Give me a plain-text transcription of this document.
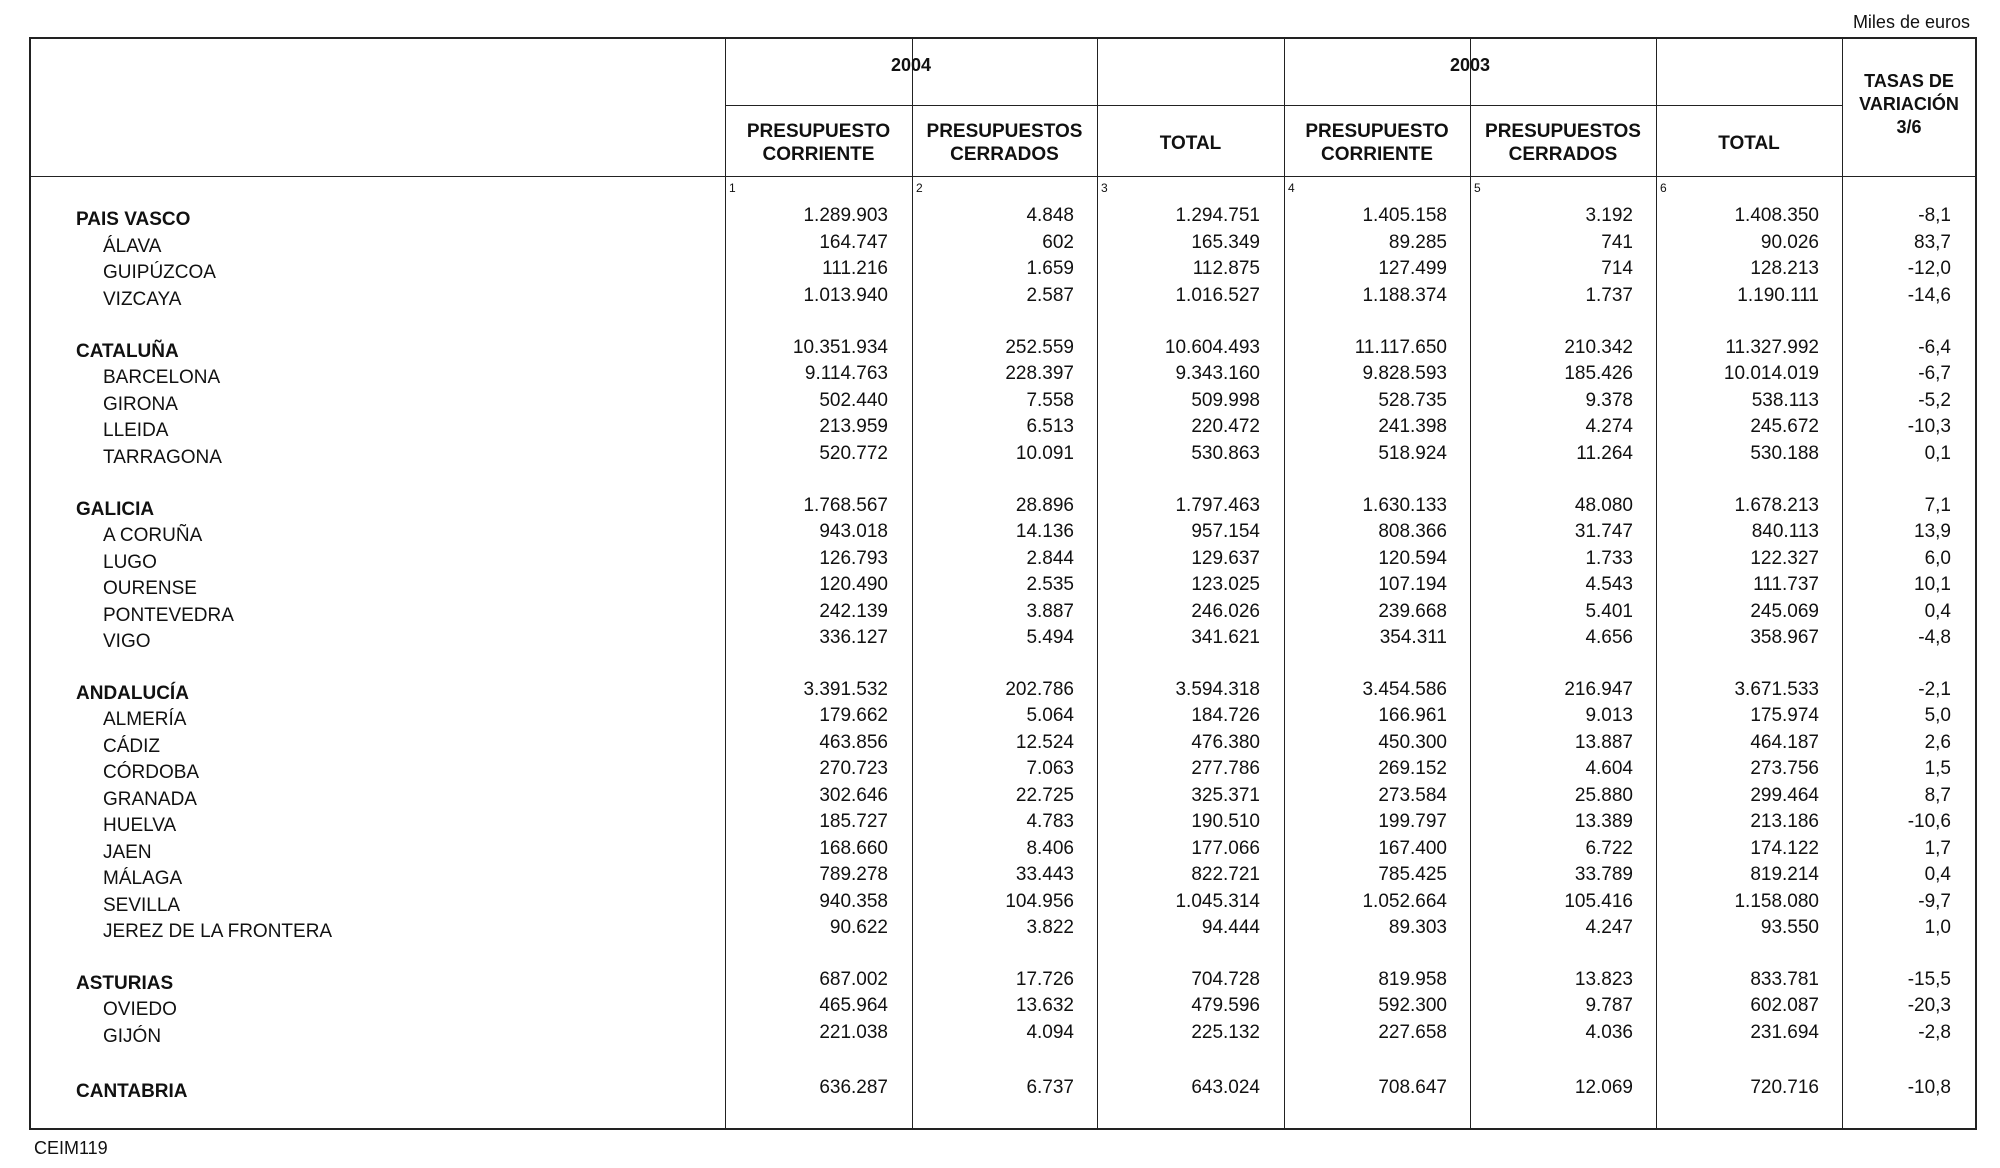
Miles de euros
2004	2003
PRESUPUESTO
CORRIENTE
PRESUPUESTOS
CERRADOS
TOTAL
PRESUPUESTO
CORRIENTE
PRESUPUESTOS
CERRADOS
TOTAL
TASAS DE
VARIACIÓN
3/6
1	2	3	4	5	6
PAIS VASCO	1.289.903	4.848	1.294.751	1.405.158	3.192	1.408.350	-8,1
ÁLAVA	164.747	602	165.349	89.285	741	90.026	83,7
GUIPÚZCOA	111.216	1.659	112.875	127.499	714	128.213	-12,0
VIZCAYA	1.013.940	2.587	1.016.527	1.188.374	1.737	1.190.111	-14,6
CATALUÑA	10.351.934	252.559	10.604.493	11.117.650	210.342	11.327.992	-6,4
BARCELONA	9.114.763	228.397	9.343.160	9.828.593	185.426	10.014.019	-6,7
GIRONA	502.440	7.558	509.998	528.735	9.378	538.113	-5,2
LLEIDA	213.959	6.513	220.472	241.398	4.274	245.672	-10,3
TARRAGONA	520.772	10.091	530.863	518.924	11.264	530.188	0,1
GALICIA	1.768.567	28.896	1.797.463	1.630.133	48.080	1.678.213	7,1
A CORUÑA	943.018	14.136	957.154	808.366	31.747	840.113	13,9
LUGO	126.793	2.844	129.637	120.594	1.733	122.327	6,0
OURENSE	120.490	2.535	123.025	107.194	4.543	111.737	10,1
PONTEVEDRA	242.139	3.887	246.026	239.668	5.401	245.069	0,4
VIGO	336.127	5.494	341.621	354.311	4.656	358.967	-4,8
ANDALUCÍA	3.391.532	202.786	3.594.318	3.454.586	216.947	3.671.533	-2,1
ALMERÍA	179.662	5.064	184.726	166.961	9.013	175.974	5,0
CÁDIZ	463.856	12.524	476.380	450.300	13.887	464.187	2,6
CÓRDOBA	270.723	7.063	277.786	269.152	4.604	273.756	1,5
GRANADA	302.646	22.725	325.371	273.584	25.880	299.464	8,7
HUELVA	185.727	4.783	190.510	199.797	13.389	213.186	-10,6
JAEN	168.660	8.406	177.066	167.400	6.722	174.122	1,7
MÁLAGA	789.278	33.443	822.721	785.425	33.789	819.214	0,4
SEVILLA	940.358	104.956	1.045.314	1.052.664	105.416	1.158.080	-9,7
JEREZ DE LA FRONTERA	90.622	3.822	94.444	89.303	4.247	93.550	1,0
ASTURIAS	687.002	17.726	704.728	819.958	13.823	833.781	-15,5
OVIEDO	465.964	13.632	479.596	592.300	9.787	602.087	-20,3
GIJÓN	221.038	4.094	225.132	227.658	4.036	231.694	-2,8
CANTABRIA	636.287	6.737	643.024	708.647	12.069	720.716	-10,8
CEIM119
